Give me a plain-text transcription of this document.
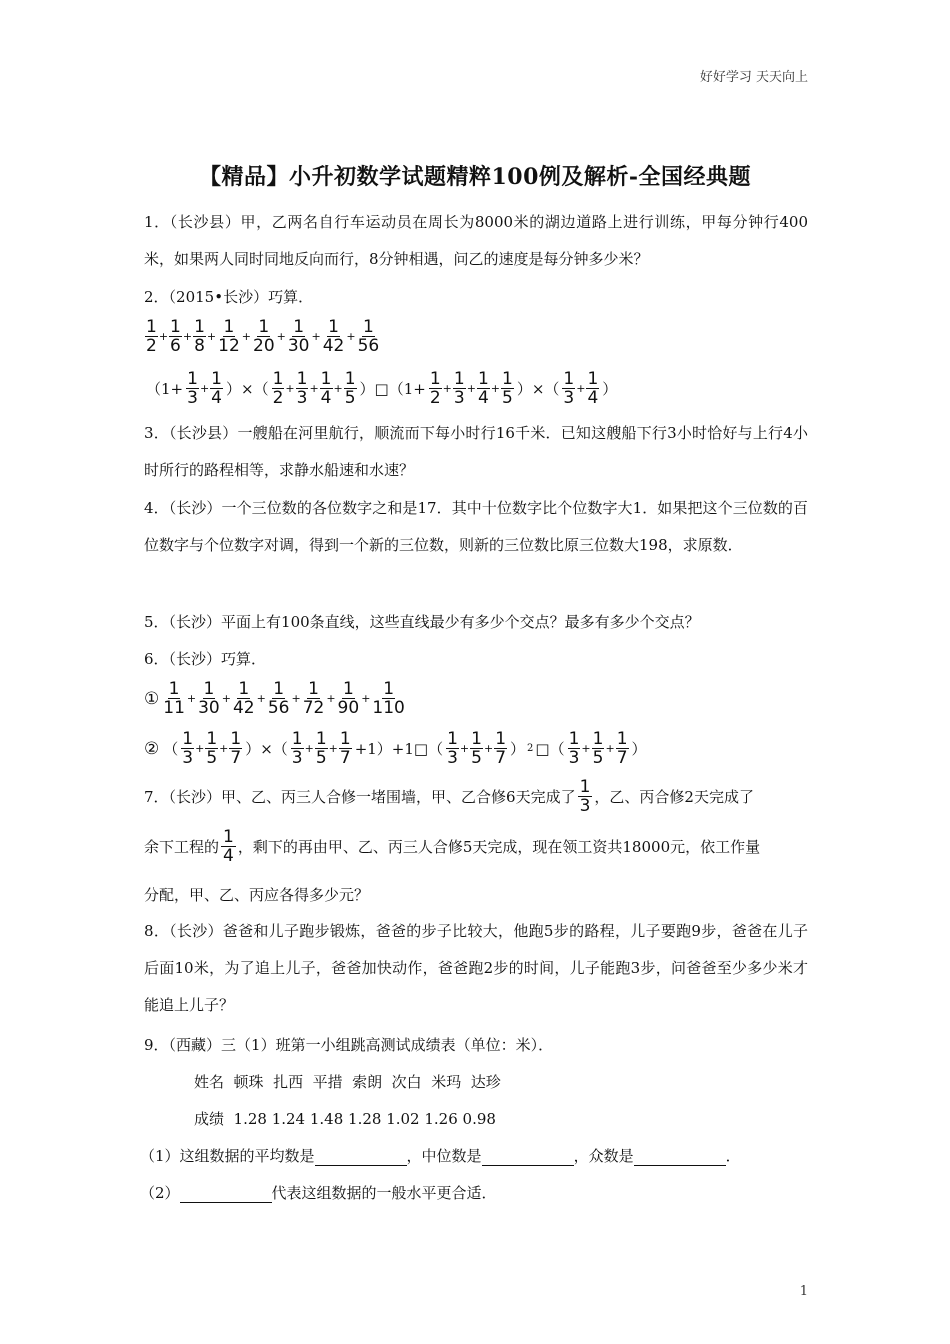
好好学习 天天向上
【精品】小升初数学试题精粹100例及解析-全国经典题
1．（长沙县）甲，乙两名自行车运动员在周长为8000米的湖边道路上进行训练，甲每分钟行400米，如果两人同时同地反向而行，8分钟相遇，问乙的速度是每分钟多少米？
2．（2015•长沙）巧算．
$\frac{1}{2} + \frac{1}{6} + \frac{1}{8} + \frac{1}{12} + \frac{1}{20} + \frac{1}{30} + \frac{1}{42} + \frac{1}{56}$
（$1+ \frac{1}{3} + \frac{1}{4}$ ）×（ $\frac{1}{2} + \frac{1}{3} + \frac{1}{4} + \frac{1}{5}$ ）□（1+ $\frac{1}{2} + \frac{1}{3} + \frac{1}{4} + \frac{1}{5}$ ）×（ $\frac{1}{3} + \frac{1}{4}$ ）
3．（长沙县）一艘船在河里航行，顺流而下每小时行16千米．已知这艘船下行3小时恰好与上行4小时所行的路程相等，求静水船速和水速？
4．（长沙）一个三位数的各位数字之和是17．其中十位数字比个位数字大1．如果把这个三位数的百位数字与个位数字对调，得到一个新的三位数，则新的三位数比原三位数大198，求原数．
5．（长沙）平面上有100条直线，这些直线最少有多少个交点？最多有多少个交点？
6．（长沙）巧算．
① $\frac{1}{11} + \frac{1}{30} + \frac{1}{42} + \frac{1}{56} + \frac{1}{72} + \frac{1}{90} + \frac{1}{110}$
② （ $\frac{1}{3} + \frac{1}{5} + \frac{1}{7}$ ）×（ $\frac{1}{3} + \frac{1}{5} + \frac{1}{7}$ +1）+1□（ $\frac{1}{3} + \frac{1}{5} + \frac{1}{7}$ ） 2 □（ $\frac{1}{3} + \frac{1}{5} + \frac{1}{7}$ ）
7．（长沙）甲、乙、丙三人合修一堵围墙，甲、乙合修6天完成了 $\frac{1}{3}$ ，乙、丙合修2天完成了
余下工程的 $\frac{1}{4}$ ，剩下的再由甲、乙、丙三人合修5天完成，现在领工资共18000元，依工作量
分配，甲、乙、丙应各得多少元？
8．（长沙）爸爸和儿子跑步锻炼，爸爸的步子比较大，他跑5步的路程，儿子要跑9步，爸爸在儿子后面10米，为了追上儿子，爸爸加快动作，爸爸跑2步的时间，儿子能跑3步，问爸爸至少多少米才能追上儿子？
9．（西藏）三（1）班第一小组跳高测试成绩表（单位：米）．
姓名  顿珠  扎西  平措  索朗  次白  米玛  达珍
成绩  1.28 1.24 1.48 1.28 1.02 1.26 0.98
（1）这组数据的平均数是	，中位数是	，众数是	．
（2）	代表这组数据的一般水平更合适．
1
